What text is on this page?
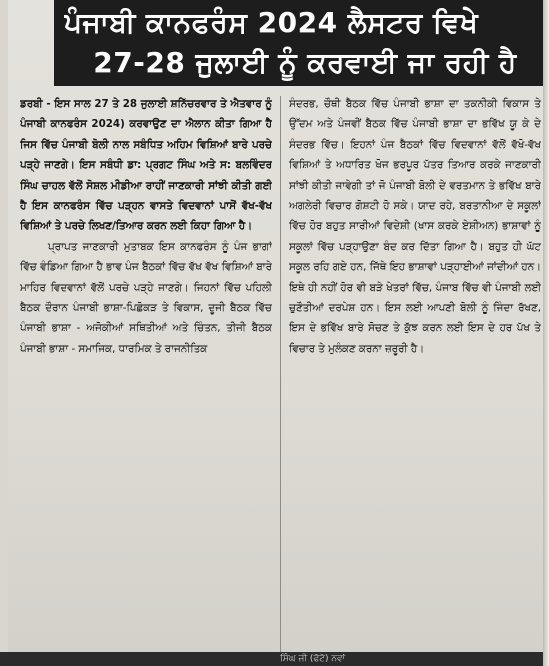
ਪੰਜਾਬੀ ਕਾਨਫਰੰਸ 2024 ਲੈਸਟਰ ਵਿਖੇ
27-28 ਜੁਲਾਈ ਨੂੰ ਕਰਵਾਈ ਜਾ ਰਹੀ ਹੈ

ਡਰਬੀ - ਇਸ ਸਾਲ 27 ਤੇ 28 ਜੁਲਾਈ ਸ਼ਨਿੱਚਰਵਾਰ ਤੇ ਐਤਵਾਰ ਨੂੰ ਪੰਜਾਬੀ ਕਾਨਫਰੰਸ 2024) ਕਰਵਾਉਣ ਦਾ ਐਲਾਨ ਕੀਤਾ ਗਿਆ ਹੈ ਜਿਸ ਵਿੱਚ ਪੰਜਾਬੀ ਬੋਲੀ ਨਾਲ ਸਬੰਧਿਤ ਅਹਿਮ ਵਿਸ਼ਿਆਂ ਬਾਰੇ ਪਰਚੇ ਪੜ੍ਹੇ ਜਾਣਗੇ। ਇਸ ਸਬੰਧੀ ਡਾ: ਪ੍ਰਗਟ ਸਿੰਘ ਅਤੇ ਸ: ਬਲਵਿੰਦਰ ਸਿੰਘ ਚਾਹਲ ਵੱਲੋਂ ਸੋਸ਼ਲ ਮੀਡੀਆ ਰਾਹੀਂ ਜਾਣਕਾਰੀ ਸਾਂਝੀ ਕੀਤੀ ਗਈ ਹੈ ਇਸ ਕਾਨਫਰੰਸ ਵਿੱਚ ਪੜ੍ਹਨ ਵਾਸਤੇ ਵਿਦਵਾਨਾਂ ਪਾਸੋਂ ਵੱਖ-ਵੱਖ ਵਿਸ਼ਿਆਂ ਤੇ ਪਰਚੇ ਲਿਖਣ/ਤਿਆਰ ਕਰਨ ਲਈ ਕਿਹਾ ਗਿਆ ਹੈ।

ਪ੍ਰਾਪਤ ਜਾਣਕਾਰੀ ਮੁਤਾਬਕ ਇਸ ਕਾਨਫਰੰਸ ਨੂੰ ਪੰਜ ਭਾਗਾਂ ਵਿੱਚ ਵੰਡਿਆ ਗਿਆ ਹੈ ਭਾਵ ਪੰਜ ਬੈਠਕਾਂ ਵਿੱਚ ਵੱਖ ਵੱਖ ਵਿਸ਼ਿਆਂ ਬਾਰੇ ਮਾਹਿਰ ਵਿਦਵਾਨਾਂ ਵੱਲੋਂ ਪਰਚੇ ਪੜ੍ਹੇ ਜਾਣਗੇ। ਜਿਹਨਾਂ ਵਿੱਚ ਪਹਿਲੀ ਬੈਠਕ ਦੌਰਾਨ ਪੰਜਾਬੀ ਭਾਸ਼ਾ-ਪਿਛੋਕੜ ਤੇ ਵਿਕਾਸ, ਦੂਜੀ ਬੈਠਕ ਵਿੱਚ ਪੰਜਾਬੀ ਭਾਸ਼ਾ - ਅਜੋਕੀਆਂ ਸਥਿਤੀਆਂ ਅਤੇ ਚਿੰਤਨ, ਤੀਜੀ ਬੈਠਕ ਪੰਜਾਬੀ ਭਾਸ਼ਾ - ਸਮਾਜਿਕ, ਧਾਰਮਿਕ ਤੇ ਰਾਜਨੀਤਿਕ

ਸੰਦਰਭ, ਚੌਥੀ ਬੈਠਕ ਵਿੱਚ ਪੰਜਾਬੀ ਭਾਸ਼ਾ ਦਾ ਤਕਨੀਕੀ ਵਿਕਾਸ ਤੇ ਉੱਦਮ ਅਤੇ ਪੰਜਵੀਂ ਬੈਠਕ ਵਿੱਚ ਪੰਜਾਬੀ ਭਾਸ਼ਾ ਦਾ ਭਵਿੱਖ ਯੂ ਕੇ ਦੇ ਸੰਦਰਭ ਵਿੱਚ। ਇਹਨਾਂ ਪੰਜ ਬੈਠਕਾਂ ਵਿੱਚ ਵਿਦਵਾਨਾਂ ਵੱਲੋਂ ਵੱਖੋ-ਵੱਖ ਵਿਸ਼ਿਆਂ ਤੇ ਅਧਾਰਿਤ ਖੋਜ ਭਰਪੂਰ ਪੱਤਰ ਤਿਆਰ ਕਰਕੇ ਜਾਣਕਾਰੀ ਸਾਂਝੀ ਕੀਤੀ ਜਾਵੇਗੀ ਤਾਂ ਜੋ ਪੰਜਾਬੀ ਬੋਲੀ ਦੇ ਵਰਤਮਾਨ ਤੇ ਭਵਿੱਖ ਬਾਰੇ ਅਗਲੇਰੀ ਵਿਚਾਰ ਗੋਸ਼ਟੀ ਹੋ ਸਕੇ। ਯਾਦ ਰਹੇ, ਬਰਤਾਨੀਆ ਦੇ ਸਕੂਲਾਂ ਵਿੱਚ ਹੋਰ ਬਹੁਤ ਸਾਰੀਆਂ ਵਿਦੇਸ਼ੀ (ਖਾਸ ਕਰਕੇ ਏਸ਼ੀਅਨ) ਭਾਸ਼ਾਵਾਂ ਨੂੰ ਸਕੂਲਾਂ ਵਿੱਚ ਪੜ੍ਹਾਉਣਾ ਬੰਦ ਕਰ ਦਿੱਤਾ ਗਿਆ ਹੈ। ਬਹੁਤ ਹੀ ਘੱਟ ਸਕੂਲ ਰਹਿ ਗਏ ਹਨ, ਜਿੱਥੇ ਇਹ ਭਾਸ਼ਾਵਾਂ ਪੜ੍ਹਾਈਆਂ ਜਾਂਦੀਆਂ ਹਨ। ਇਥੇ ਹੀ ਨਹੀਂ ਹੋਰ ਵੀ ਬੜੇ ਖੇਤਰਾਂ ਵਿੱਚ, ਪੰਜਾਬ ਵਿੱਚ ਵੀ ਪੰਜਾਬੀ ਲਈ ਚੁਣੌਤੀਆਂ ਦਰਪੇਸ਼ ਹਨ। ਇਸ ਲਈ ਆਪਣੀ ਬੋਲੀ ਨੂੰ ਜਿੰਦਾ ਰੱਖਣ, ਇਸ ਦੇ ਭਵਿੱਖ ਬਾਰੇ ਸੋਚਣ ਤੇ ਕੁੱਝ ਕਰਨ ਲਈ ਇਸ ਦੇ ਹਰ ਪੱਖ ਤੇ ਵਿਚਾਰ ਤੇ ਮੁਲੰਕਣ ਕਰਨਾ ਜ਼ਰੂਰੀ ਹੈ।

ਸਿੰਘ ਜੀ (ਫੋਟੋ) ਨਵਾਂ
